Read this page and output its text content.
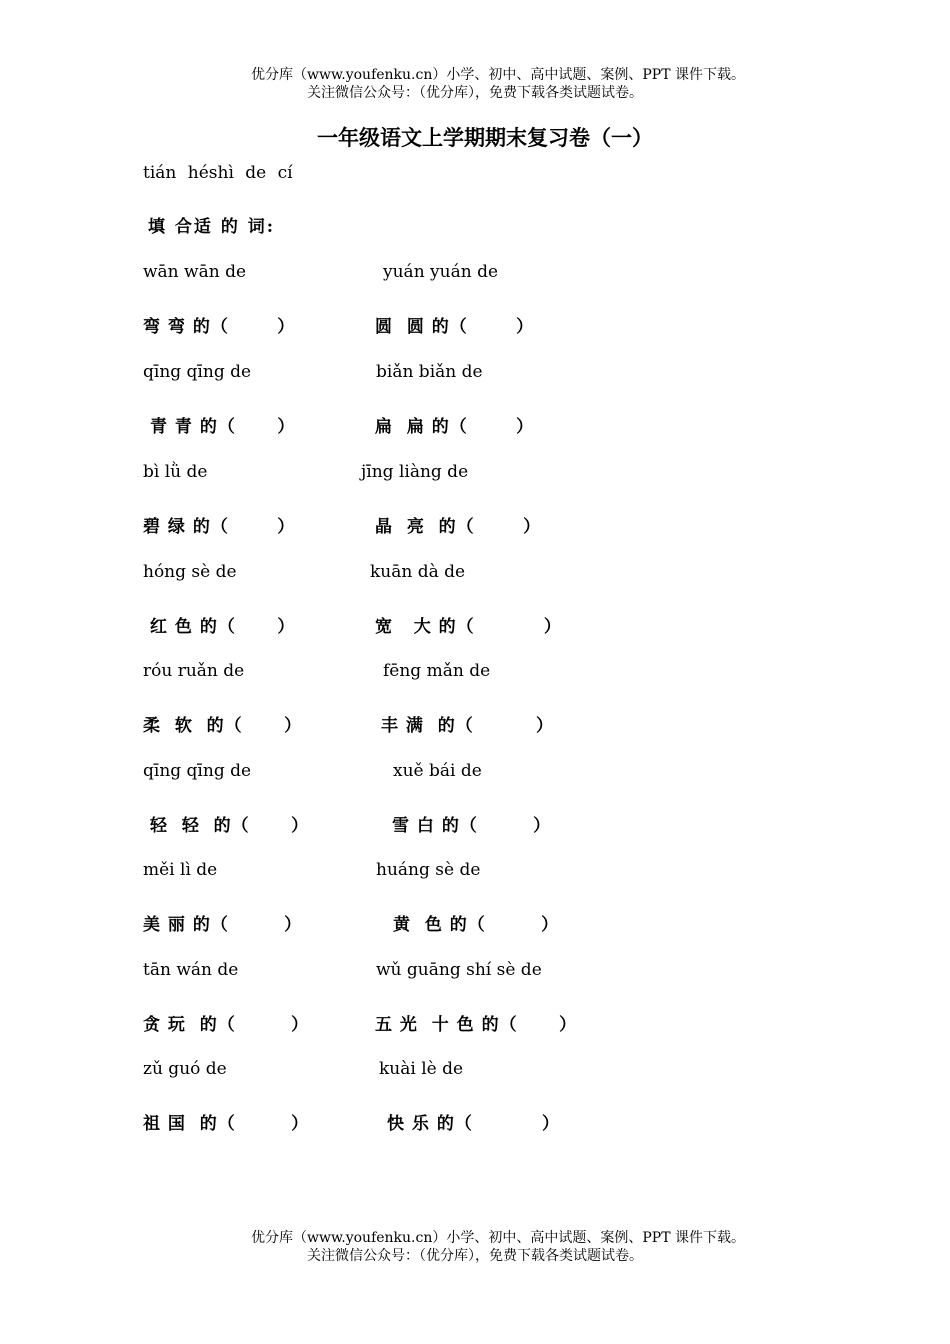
优分库（www.youfenku.cn）小学、初中、高中试题、案例、PPT 课件下载。
关注微信公众号：（优分库），免费下载各类试题试卷。
一年级语文上学期期末复习卷（一）
tián héshì de cí
填 合适 的 词:
wān wān de	yuán yuán de
弯 弯 的（       ）	圆  圆 的（       ）
qīng qīng de	biǎn biǎn de
青 青 的（      ）	扁  扁 的（       ）
bì lǜ de	jīng liàng de
碧 绿 的（       ）	晶  亮  的（       ）
hóng sè de	kuān dà de
红 色 的（      ）	宽   大 的（          ）
róu ruǎn de	fēng mǎn de
柔  软  的（      ）	丰 满  的（         ）
qīng qīng de	xuě bái de
轻  轻  的（      ）	雪 白 的（        ）
měi lì de	huáng sè de
美 丽 的（        ）	黄  色 的（        ）
tān wán de	wǔ guāng shí sè de
贪 玩  的（        ）	五 光  十 色 的（      ）
zǔ guó de	kuài lè de
祖 国  的（        ）	快 乐 的（          ）
优分库（www.youfenku.cn）小学、初中、高中试题、案例、PPT 课件下载。
关注微信公众号：（优分库），免费下载各类试题试卷。
